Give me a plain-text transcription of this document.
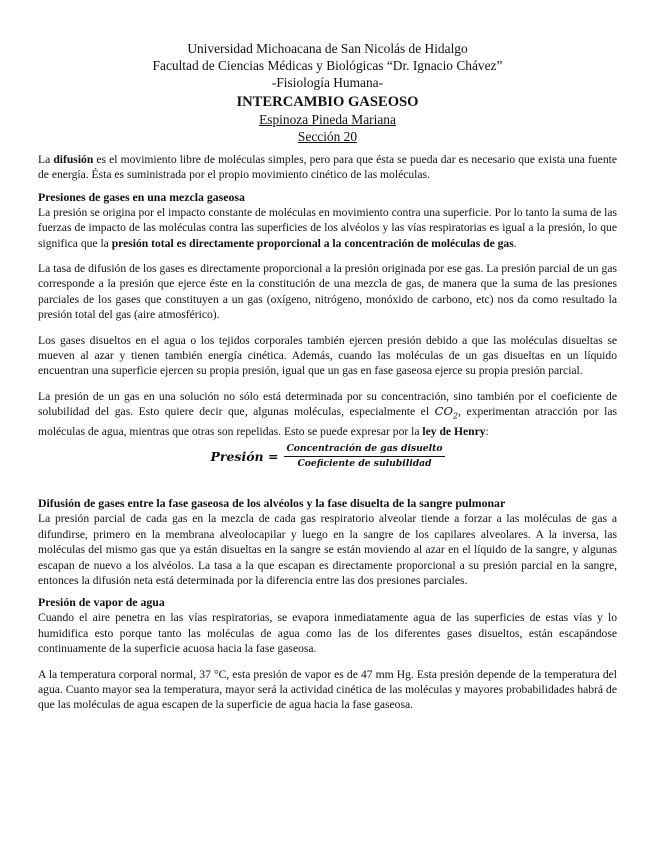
Universidad Michoacana de San Nicolás de Hidalgo
Facultad de Ciencias Médicas y Biológicas “Dr. Ignacio Chávez”
-Fisiología Humana-
INTERCAMBIO GASEOSO
Espinoza Pineda Mariana
Sección 20

La difusión es el movimiento libre de moléculas simples, pero para que ésta se pueda dar es necesario que exista una fuente de energía. Ésta es suministrada por el propio movimiento cinético de las moléculas.

Presiones de gases en una mezcla gaseosa

La presión se origina por el impacto constante de moléculas en movimiento contra una superficie. Por lo tanto la suma de las fuerzas de impacto de las moléculas contra las superficies de los alvéolos y las vías respiratorias es igual a la presión, lo que significa que la presión total es directamente proporcional a la concentración de moléculas de gas.

La tasa de difusión de los gases es directamente proporcional a la presión originada por ese gas. La presión parcial de un gas corresponde a la presión que ejerce éste en la constitución de una mezcla de gas, de manera que la suma de las presiones parciales de los gases que constituyen a un gas (oxígeno, nitrógeno, monóxido de carbono, etc) nos da como resultado la presión total del gas (aire atmosférico).

Los gases disueltos en el agua o los tejidos corporales también ejercen presión debido a que las moléculas disueltas se mueven al azar y tienen también energía cinética. Además, cuando las moléculas de un gas disueltas en un líquido encuentran una superficie ejercen su propia presión, igual que un gas en fase gaseosa ejerce su propia presión parcial.

La presión de un gas en una solución no sólo está determinada por su concentración, sino también por el coeficiente de solubilidad del gas. Esto quiere decir que, algunas moléculas, especialmente el $CO_2$, experimentan atracción por las moléculas de agua, mientras que otras son repelidas. Esto se puede expresar por la ley de Henry:

Presión = $\frac{\text{Concentración de gas disuelto}}{\text{Coeficiente de sulubilidad}}$
Difusión de gases entre la fase gaseosa de los alvéolos y la fase disuelta de la sangre pulmonar

La presión parcial de cada gas en la mezcla de cada gas respiratorio alveolar tiende a forzar a las moléculas de gas a difundirse, primero en la membrana alveolocapilar y luego en la sangre de los capilares alveolares. A la inversa, las moléculas del mismo gas que ya están disueltas en la sangre se están moviendo al azar en el líquido de la sangre, y algunas escapan de nuevo a los alvéolos. La tasa a la que escapan es directamente proporcional a su presión parcial en la sangre, entonces la difusión neta está determinada por la diferencia entre las dos presiones parciales.

Presión de vapor de agua

Cuando el aire penetra en las vías respiratorias, se evapora inmediatamente agua de las superficies de estas vías y lo humidifica esto porque tanto las moléculas de agua como las de los diferentes gases disueltos, están escapándose continuamente de la superficie acuosa hacia la fase gaseosa.

A la temperatura corporal normal, 37 °C, esta presión de vapor es de 47 mm Hg. Esta presión depende de la temperatura del agua. Cuanto mayor sea la temperatura, mayor será la actividad cinética de las moléculas y mayores probabilidades habrá de que las moléculas de agua escapen de la superficie de agua hacia la fase gaseosa.
